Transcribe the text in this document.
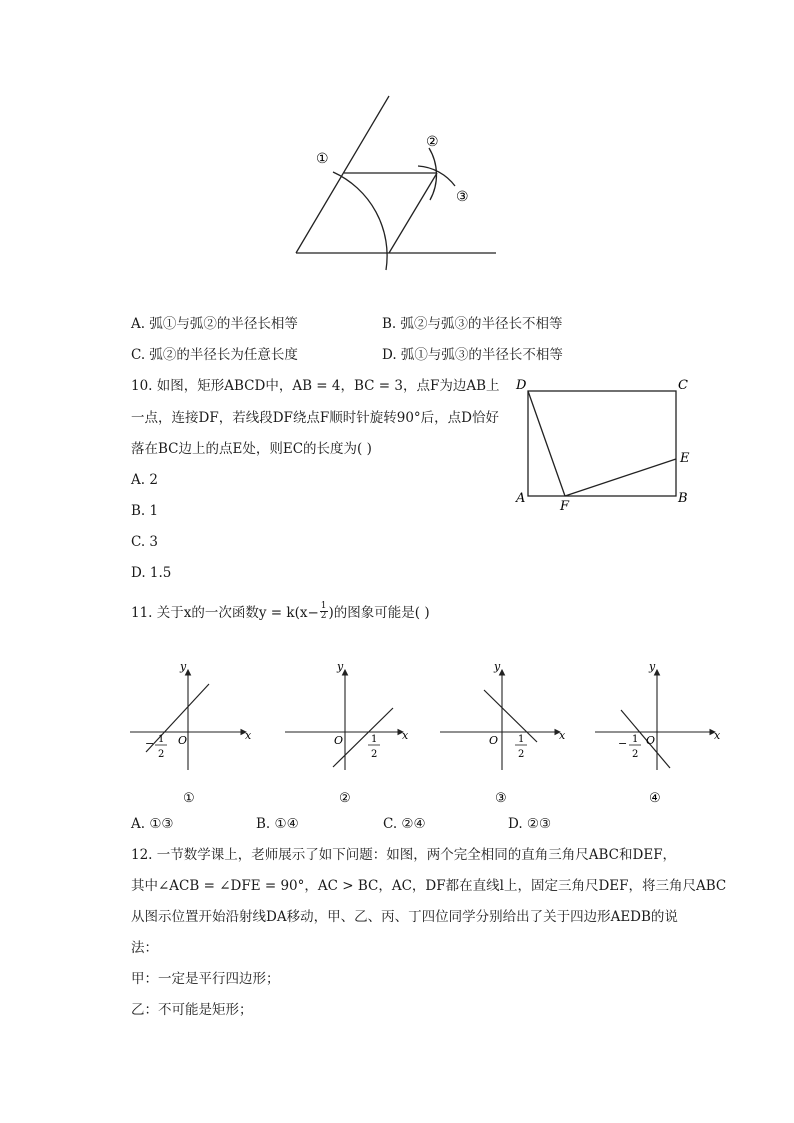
①
②
③
A. 弧①与弧②的半径长相等	B. 弧②与弧③的半径长不相等
C. 弧②的半径长为任意长度	D. 弧①与弧③的半径长不相等
10. 如图，矩形ABCD中，AB = 4，BC = 3，点F为边AB上
一点，连接DF，若线段DF绕点F顺时针旋转90°后，点D恰好
落在BC边上的点E处，则EC的长度为( )
A. 2
B. 1
C. 3
D. 1.5
D	C
E
A
F
B
11. 关于x的一次函数$y = k(x- \frac{1}{2}$ )的图象可能是( )
y
x
O
− 1
2
①
y
x
O	1
2
②
y
x
O 1
2
③
y
x
O
− 1
2
④
A. ①③	B. ①④	C. ②④	D. ②③
12. 一节数学课上，老师展示了如下问题：如图，两个完全相同的直角三角尺ABC和DEF，
其中∠ACB = ∠DFE = 90°，AC > BC，AC，DF都在直线l上，固定三角尺DEF，将三角尺ABC
从图示位置开始沿射线DA移动，甲、乙、丙、丁四位同学分别给出了关于四边形AEDB的说
法：
甲：一定是平行四边形；
乙：不可能是矩形；
